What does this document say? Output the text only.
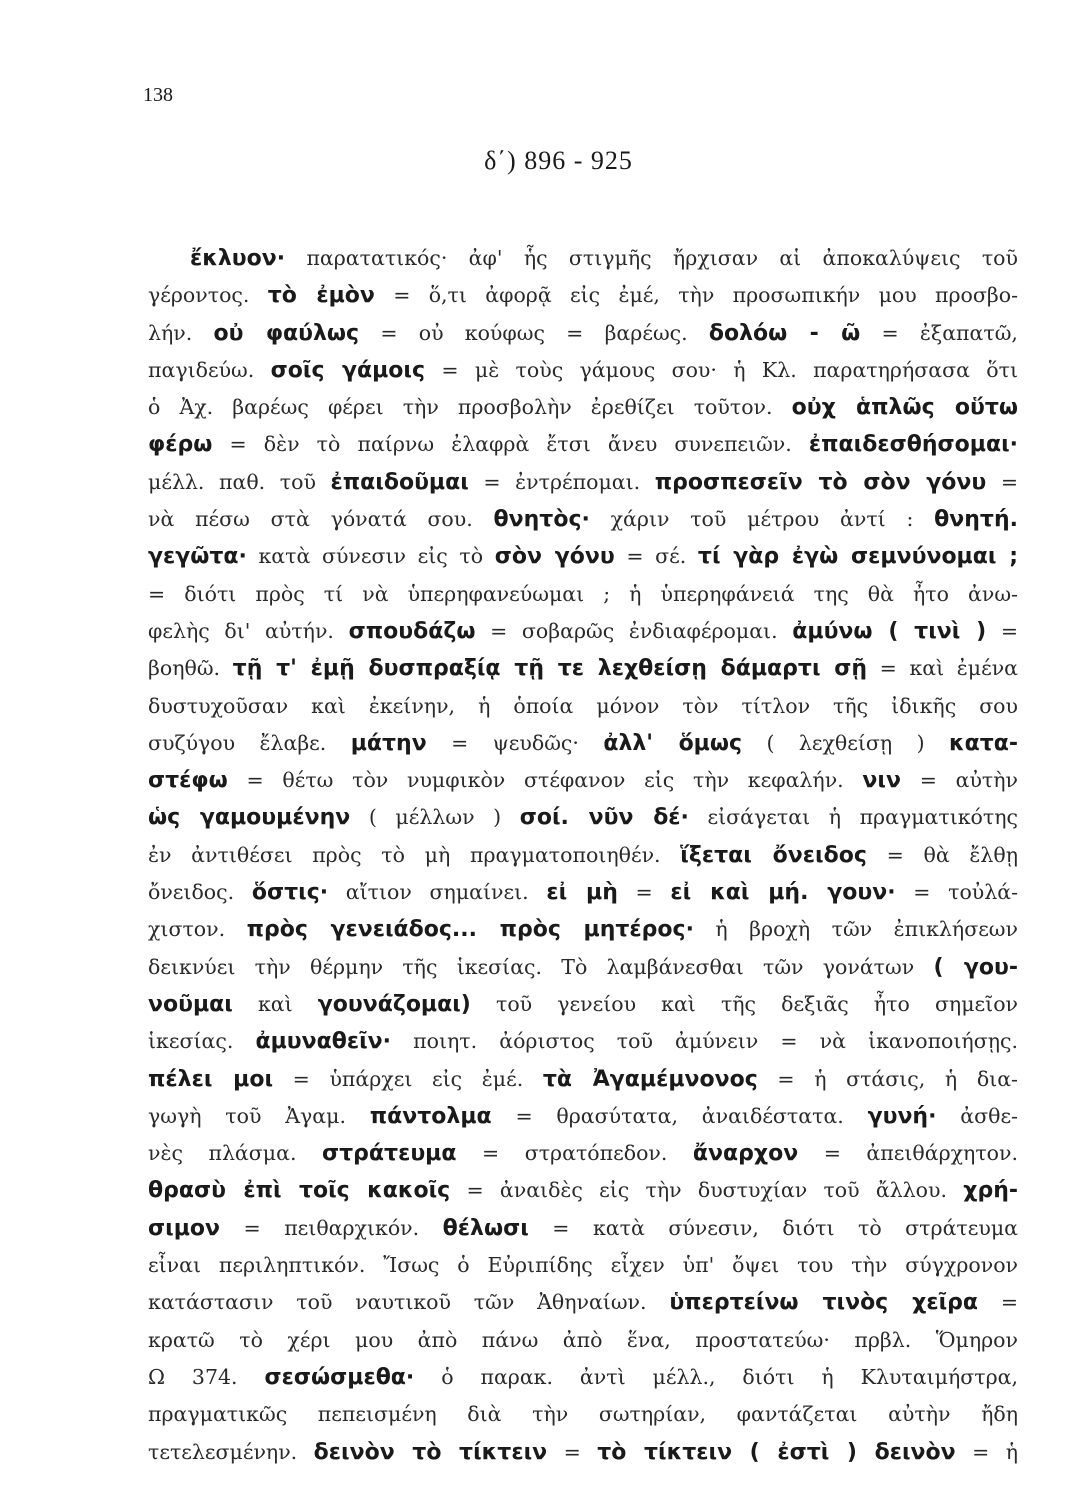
138
δ΄) 896 - 925
ἔκλυον· παρατατικός· ἀφ' ἧς στιγμῆς ἤρχισαν αἱ ἀποκαλύψεις τοῦ
γέροντος. τὸ ἐμὸν = ὅ,τι ἀφορᾷ εἰς ἐμέ, τὴν προσωπικήν μου προσβο-
λήν. οὐ φαύλως = οὐ κούφως = βαρέως. δολόω - ῶ = ἐξαπατῶ,
παγιδεύω. σοῖς γάμοις = μὲ τοὺς γάμους σου· ἡ Κλ. παρατηρήσασα ὅτι
ὁ Ἀχ. βαρέως φέρει τὴν προσβολὴν ἐρεθίζει τοῦτον. οὐχ ἁπλῶς οὕτω
φέρω = δὲν τὸ παίρνω ἐλαφρὰ ἔτσι ἄνευ συνεπειῶν. ἐπαιδεσθήσομαι·
μέλλ. παθ. τοῦ ἐπαιδοῦμαι = ἐντρέπομαι. προσπεσεῖν τὸ σὸν γόνυ =
νὰ πέσω στὰ γόνατά σου. θνητὸς· χάριν τοῦ μέτρου ἀντί : θνητή.
γεγῶτα· κατὰ σύνεσιν εἰς τὸ σὸν γόνυ = σέ. τί γὰρ ἐγὼ σεμνύνομαι ;
= διότι πρὸς τί νὰ ὑπερηφανεύωμαι ; ἡ ὑπερηφάνειά της θὰ ἦτο ἀνω-
φελὴς δι' αὐτήν. σπουδάζω = σοβαρῶς ἐνδιαφέρομαι. ἀμύνω ( τινὶ ) =
βοηθῶ. τῇ τ' ἐμῇ δυσπραξίᾳ τῇ τε λεχθείσῃ δάμαρτι σῇ = καὶ ἐμένα
δυστυχοῦσαν καὶ ἐκείνην, ἡ ὁποία μόνον τὸν τίτλον τῆς ἰδικῆς σου
συζύγου ἔλαβε. μάτην = ψευδῶς· ἀλλ' ὅμως ( λεχθείσῃ ) κατα-
στέφω = θέτω τὸν νυμφικὸν στέφανον εἰς τὴν κεφαλήν. νιν = αὐτὴν
ὡς γαμουμένην ( μέλλων ) σοί. νῦν δέ· εἰσάγεται ἡ πραγματικότης
ἐν ἀντιθέσει πρὸς τὸ μὴ πραγματοποιηθέν. ἵξεται ὄνειδος = θὰ ἔλθῃ
ὄνειδος. ὅστις· αἴτιον σημαίνει. εἰ μὴ = εἰ καὶ μή. γουν· = τοὐλά-
χιστον. πρὸς γενειάδος... πρὸς μητέρος· ἡ βροχὴ τῶν ἐπικλήσεων
δεικνύει τὴν θέρμην τῆς ἱκεσίας. Τὸ λαμβάνεσθαι τῶν γονάτων ( γου-
νοῦμαι καὶ γουνάζομαι) τοῦ γενείου καὶ τῆς δεξιᾶς ἦτο σημεῖον
ἱκεσίας. ἀμυναθεῖν· ποιητ. ἀόριστος τοῦ ἀμύνειν = νὰ ἱκανοποιήσῃς.
πέλει μοι = ὑπάρχει εἰς ἐμέ. τὰ Ἀγαμέμνονος = ἡ στάσις, ἡ δια-
γωγὴ τοῦ Ἀγαμ. πάντολμα = θρασύτατα, ἀναιδέστατα. γυνή· ἀσθε-
νὲς πλάσμα. στράτευμα = στρατόπεδον. ἄναρχον = ἀπειθάρχητον.
θρασὺ ἐπὶ τοῖς κακοῖς = ἀναιδὲς εἰς τὴν δυστυχίαν τοῦ ἄλλου. χρή-
σιμον = πειθαρχικόν. θέλωσι = κατὰ σύνεσιν, διότι τὸ στράτευμα
εἶναι περιληπτικόν. Ἴσως ὁ Εὐριπίδης εἶχεν ὑπ' ὄψει του τὴν σύγχρονον
κατάστασιν τοῦ ναυτικοῦ τῶν Ἀθηναίων. ὑπερτείνω τινὸς χεῖρα =
κρατῶ τὸ χέρι μου ἀπὸ πάνω ἀπὸ ἕνα, προστατεύω· πρβλ. Ὅμηρον
Ω 374. σεσώσμεθα· ὁ παρακ. ἀντὶ μέλλ., διότι ἡ Κλυταιμήστρα,
πραγματικῶς πεπεισμένη διὰ τὴν σωτηρίαν, φαντάζεται αὐτὴν ἤδη
τετελεσμένην. δεινὸν τὸ τίκτειν = τὸ τίκτειν ( ἐστὶ ) δεινὸν = ἡ
